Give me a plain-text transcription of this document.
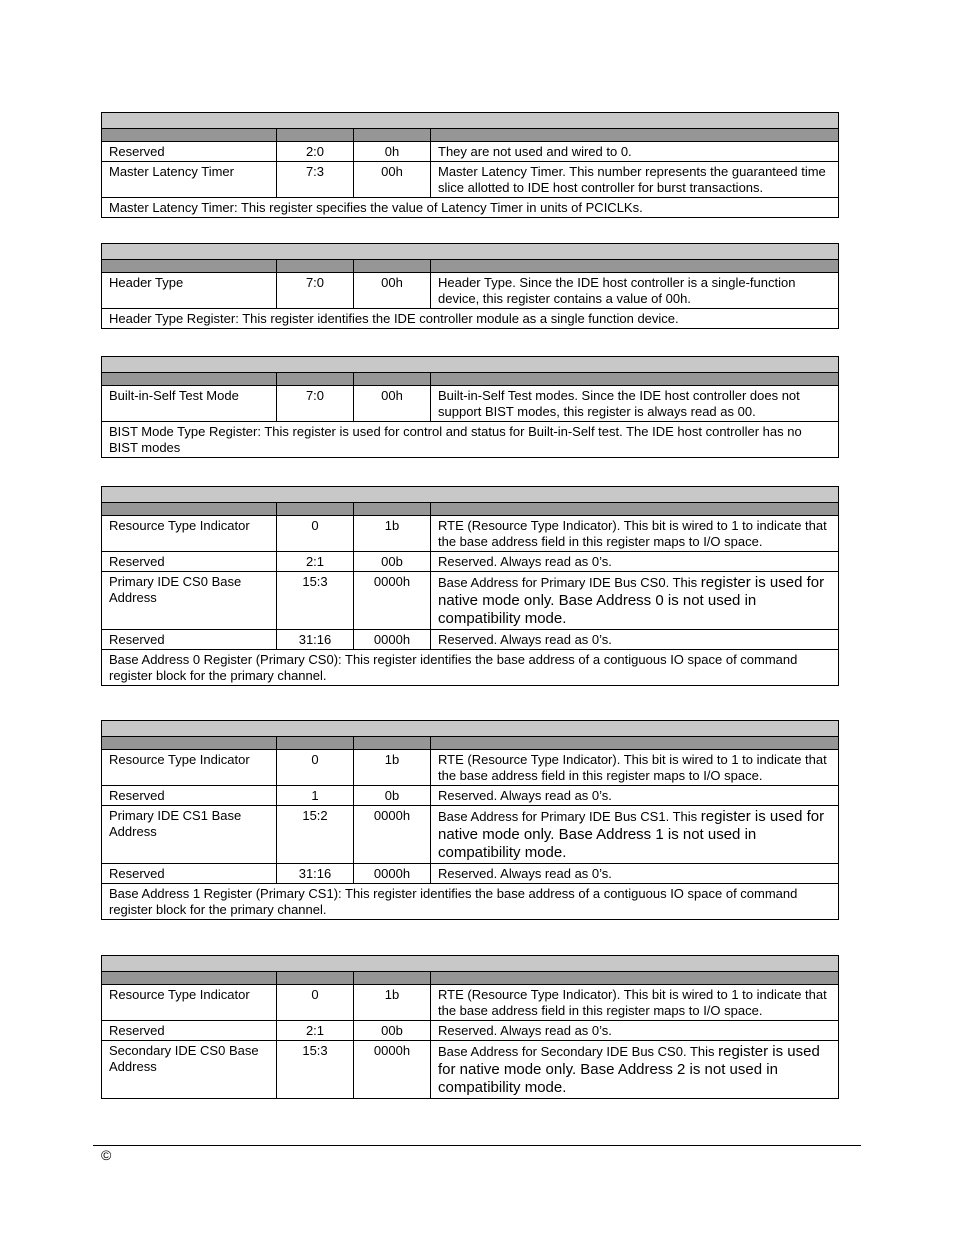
Reserved	2:0	0h	They are not used and wired to 0.
Master Latency Timer	7:3	00h	Master Latency Timer. This number represents the guaranteed time slice allotted to IDE host controller for burst transactions.
Master Latency Timer: This register specifies the value of Latency Timer in units of PCICLKs.			

Header Type	7:0	00h	Header Type. Since the IDE host controller is a single-function device, this register contains a value of 00h.
Header Type Register: This register identifies the IDE controller module as a single function device.			

Built-in-Self Test Mode	7:0	00h	Built-in-Self Test modes. Since the IDE host controller does not support BIST modes, this register is always read as 00.
BIST Mode Type Register: This register is used for control and status for Built-in-Self test. The IDE host controller has no BIST modes			

Resource Type Indicator	0	1b	RTE (Resource Type Indicator). This bit is wired to 1 to indicate that the base address field in this register maps to I/O space.
Reserved	2:1	00b	Reserved. Always read as 0’s.
Primary IDE CS0 Base Address	15:3	0000h	Base Address for Primary IDE Bus CS0. This register is used for native mode only. Base Address 0 is not used in compatibility mode.
Reserved	31:16	0000h	Reserved. Always read as 0’s.
Base Address 0 Register (Primary CS0): This register identifies the base address of a contiguous IO space of command register block for the primary channel.			

Resource Type Indicator	0	1b	RTE (Resource Type Indicator). This bit is wired to 1 to indicate that the base address field in this register maps to I/O space.
Reserved	1	0b	Reserved. Always read as 0’s.
Primary IDE CS1 Base Address	15:2	0000h	Base Address for Primary IDE Bus CS1. This register is used for native mode only. Base Address 1 is not used in compatibility mode.
Reserved	31:16	0000h	Reserved. Always read as 0’s.
Base Address 1 Register (Primary CS1): This register identifies the base address of a contiguous IO space of command register block for the primary channel.			

Resource Type Indicator	0	1b	RTE (Resource Type Indicator). This bit is wired to 1 to indicate that the base address field in this register maps to I/O space.
Reserved	2:1	00b	Reserved. Always read as 0’s.
Secondary IDE CS0 Base Address	15:3	0000h	Base Address for Secondary IDE Bus CS0. This register is used for native mode only. Base Address 2 is not used in compatibility mode.
©
